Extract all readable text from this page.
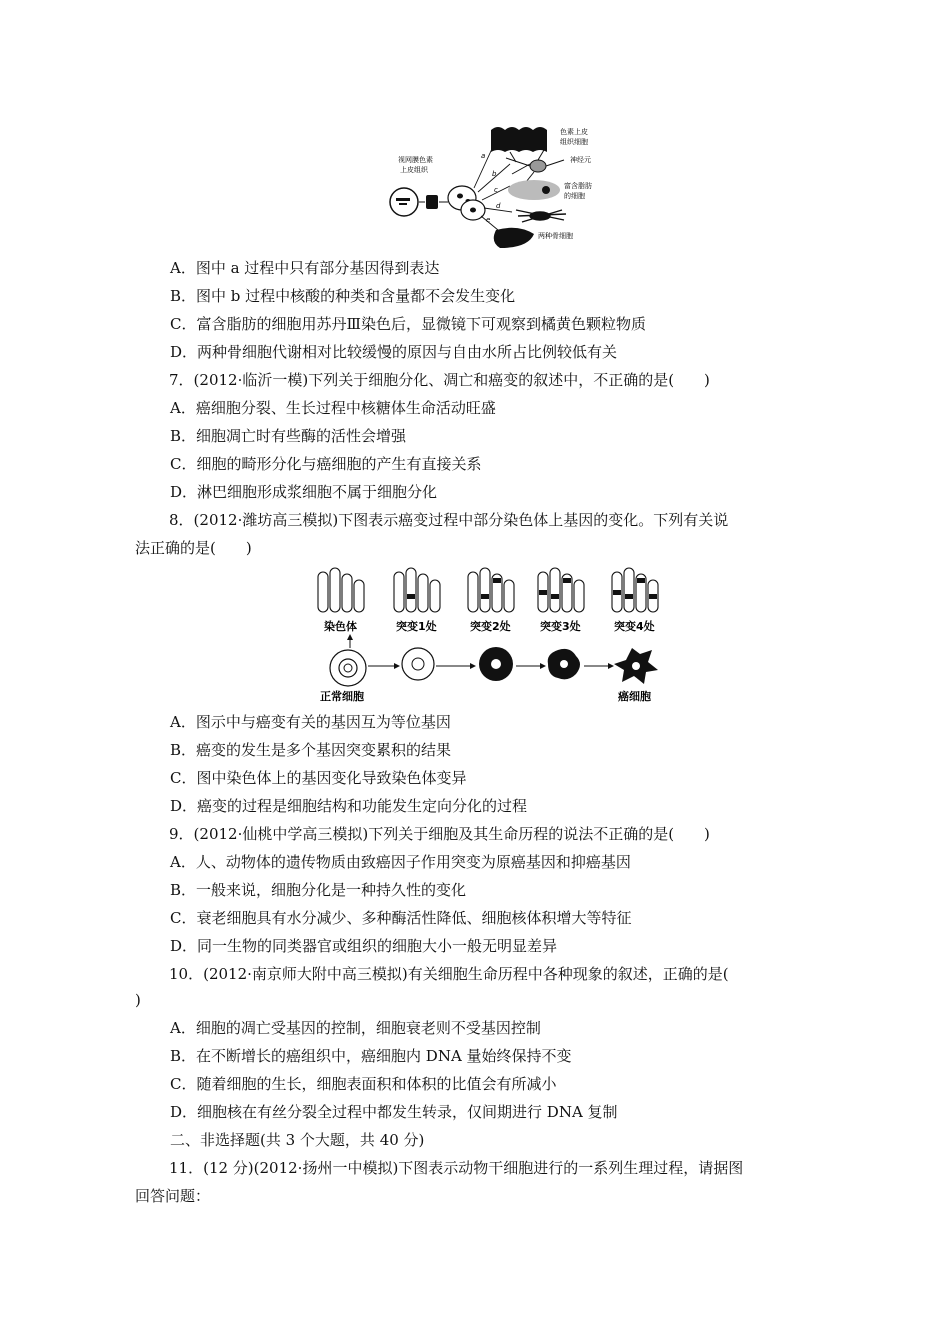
视网膜色素
上皮组织
a
b
c
d
e
色素上皮
组织细胞
神经元
富含脂肪
的细胞
两种骨细胞
A．图中 a 过程中只有部分基因得到表达
B．图中 b 过程中核酸的种类和含量都不会发生变化
C．富含脂肪的细胞用苏丹Ⅲ染色后，显微镜下可观察到橘黄色颗粒物质
D．两种骨细胞代谢相对比较缓慢的原因与自由水所占比例较低有关
7．(2012·临沂一模)下列关于细胞分化、凋亡和癌变的叙述中，不正确的是(　　)
A．癌细胞分裂、生长过程中核糖体生命活动旺盛
B．细胞凋亡时有些酶的活性会增强
C．细胞的畸形分化与癌细胞的产生有直接关系
D．淋巴细胞形成浆细胞不属于细胞分化
8．(2012·潍坊高三模拟)下图表示癌变过程中部分染色体上基因的变化。下列有关说
法正确的是(　　)
染色体	突变1处	突变2处	突变3处	突变4处
正常细胞	癌细胞
A．图示中与癌变有关的基因互为等位基因
B．癌变的发生是多个基因突变累积的结果
C．图中染色体上的基因变化导致染色体变异
D．癌变的过程是细胞结构和功能发生定向分化的过程
9．(2012·仙桃中学高三模拟)下列关于细胞及其生命历程的说法不正确的是(　　)
A．人、动物体的遗传物质由致癌因子作用突变为原癌基因和抑癌基因
B．一般来说，细胞分化是一种持久性的变化
C．衰老细胞具有水分减少、多种酶活性降低、细胞核体积增大等特征
D．同一生物的同类器官或组织的细胞大小一般无明显差异
10．(2012·南京师大附中高三模拟)有关细胞生命历程中各种现象的叙述，正确的是(
)
A．细胞的凋亡受基因的控制，细胞衰老则不受基因控制
B．在不断增长的癌组织中，癌细胞内 DNA 量始终保持不变
C．随着细胞的生长，细胞表面积和体积的比值会有所减小
D．细胞核在有丝分裂全过程中都发生转录，仅间期进行 DNA 复制
二、非选择题(共 3 个大题，共 40 分)
11．(12 分)(2012·扬州一中模拟)下图表示动物干细胞进行的一系列生理过程，请据图
回答问题：
